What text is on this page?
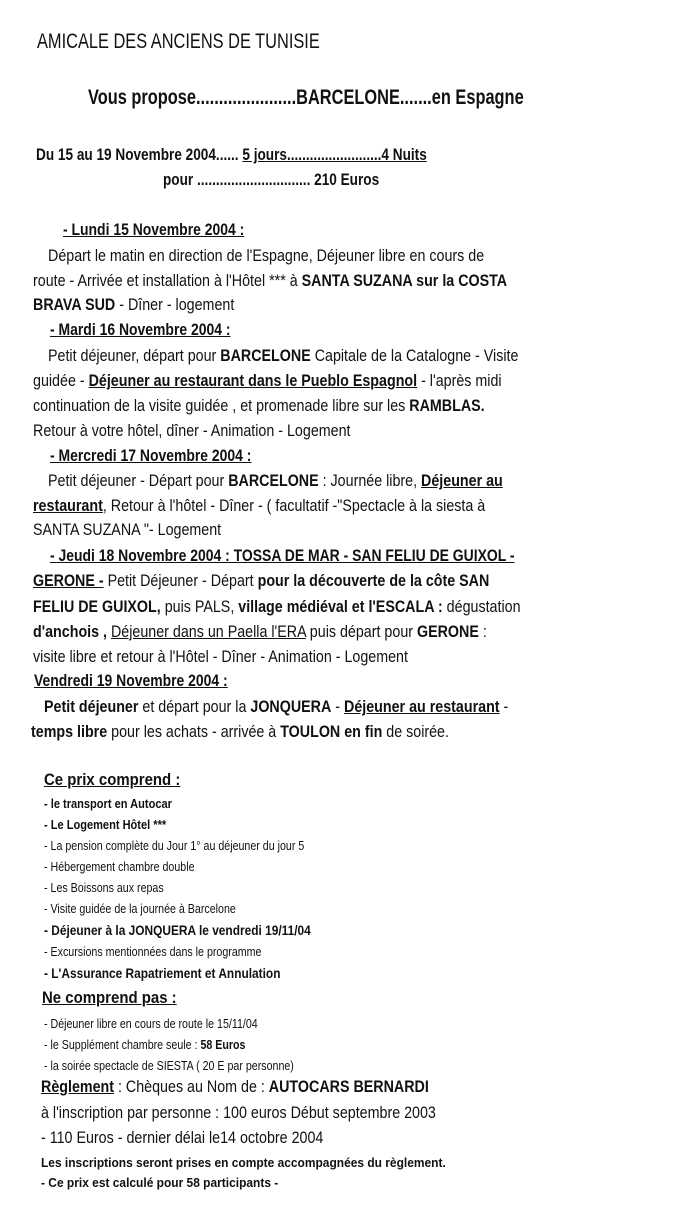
AMICALE DES ANCIENS DE TUNISIE
Vous propose......................BARCELONE.......en Espagne
Du 15 au 19 Novembre 2004...... 5 jours.........................4 Nuits
pour .............................. 210 Euros
- Lundi 15 Novembre 2004 :
Départ le matin en direction de l'Espagne, Déjeuner libre en cours de
route - Arrivée et installation à l'Hôtel *** à SANTA SUZANA sur la COSTA
BRAVA SUD - Dîner - logement
- Mardi 16 Novembre 2004 :
Petit déjeuner, départ pour BARCELONE Capitale de la Catalogne - Visite
guidée - Déjeuner au restaurant dans le Pueblo Espagnol - l'après midi
continuation de la visite guidée , et promenade libre sur les RAMBLAS.
Retour à votre hôtel, dîner - Animation - Logement
- Mercredi 17 Novembre 2004 :
Petit déjeuner - Départ pour BARCELONE : Journée libre, Déjeuner au
restaurant, Retour à l'hôtel - Dîner - ( facultatif -"Spectacle à la siesta à
SANTA SUZANA "- Logement
- Jeudi 18 Novembre 2004 : TOSSA DE MAR - SAN FELIU DE GUIXOL -
GERONE - Petit Déjeuner - Départ pour la découverte de la côte SAN
FELIU DE GUIXOL, puis PALS, village médiéval et l'ESCALA : dégustation
d'anchois , Déjeuner dans un Paella l'ERA puis départ pour GERONE :
visite libre et retour à l'Hôtel - Dîner - Animation - Logement
Vendredi 19 Novembre 2004 :
Petit déjeuner et départ pour la JONQUERA - Déjeuner au restaurant -
temps libre pour les achats - arrivée à TOULON en fin de soirée.
Ce prix comprend :
- le transport en Autocar
- Le Logement Hôtel ***
- La pension complète du Jour 1° au déjeuner du jour 5
- Hébergement chambre double
- Les Boissons aux repas
- Visite guidée de la journée à Barcelone
- Déjeuner à la JONQUERA le vendredi 19/11/04
- Excursions mentionnées dans le programme
- L'Assurance Rapatriement et Annulation
Ne comprend pas :
- Déjeuner libre en cours de route le 15/11/04
- le Supplément chambre seule : 58 Euros
- la soirée spectacle de SIESTA ( 20 E par personne)
Règlement : Chèques au Nom de : AUTOCARS BERNARDI
à l'inscription par personne : 100 euros Début septembre 2003
- 110 Euros - dernier délai le14 octobre 2004
Les inscriptions seront prises en compte accompagnées du règlement.
- Ce prix est calculé pour 58 participants -
